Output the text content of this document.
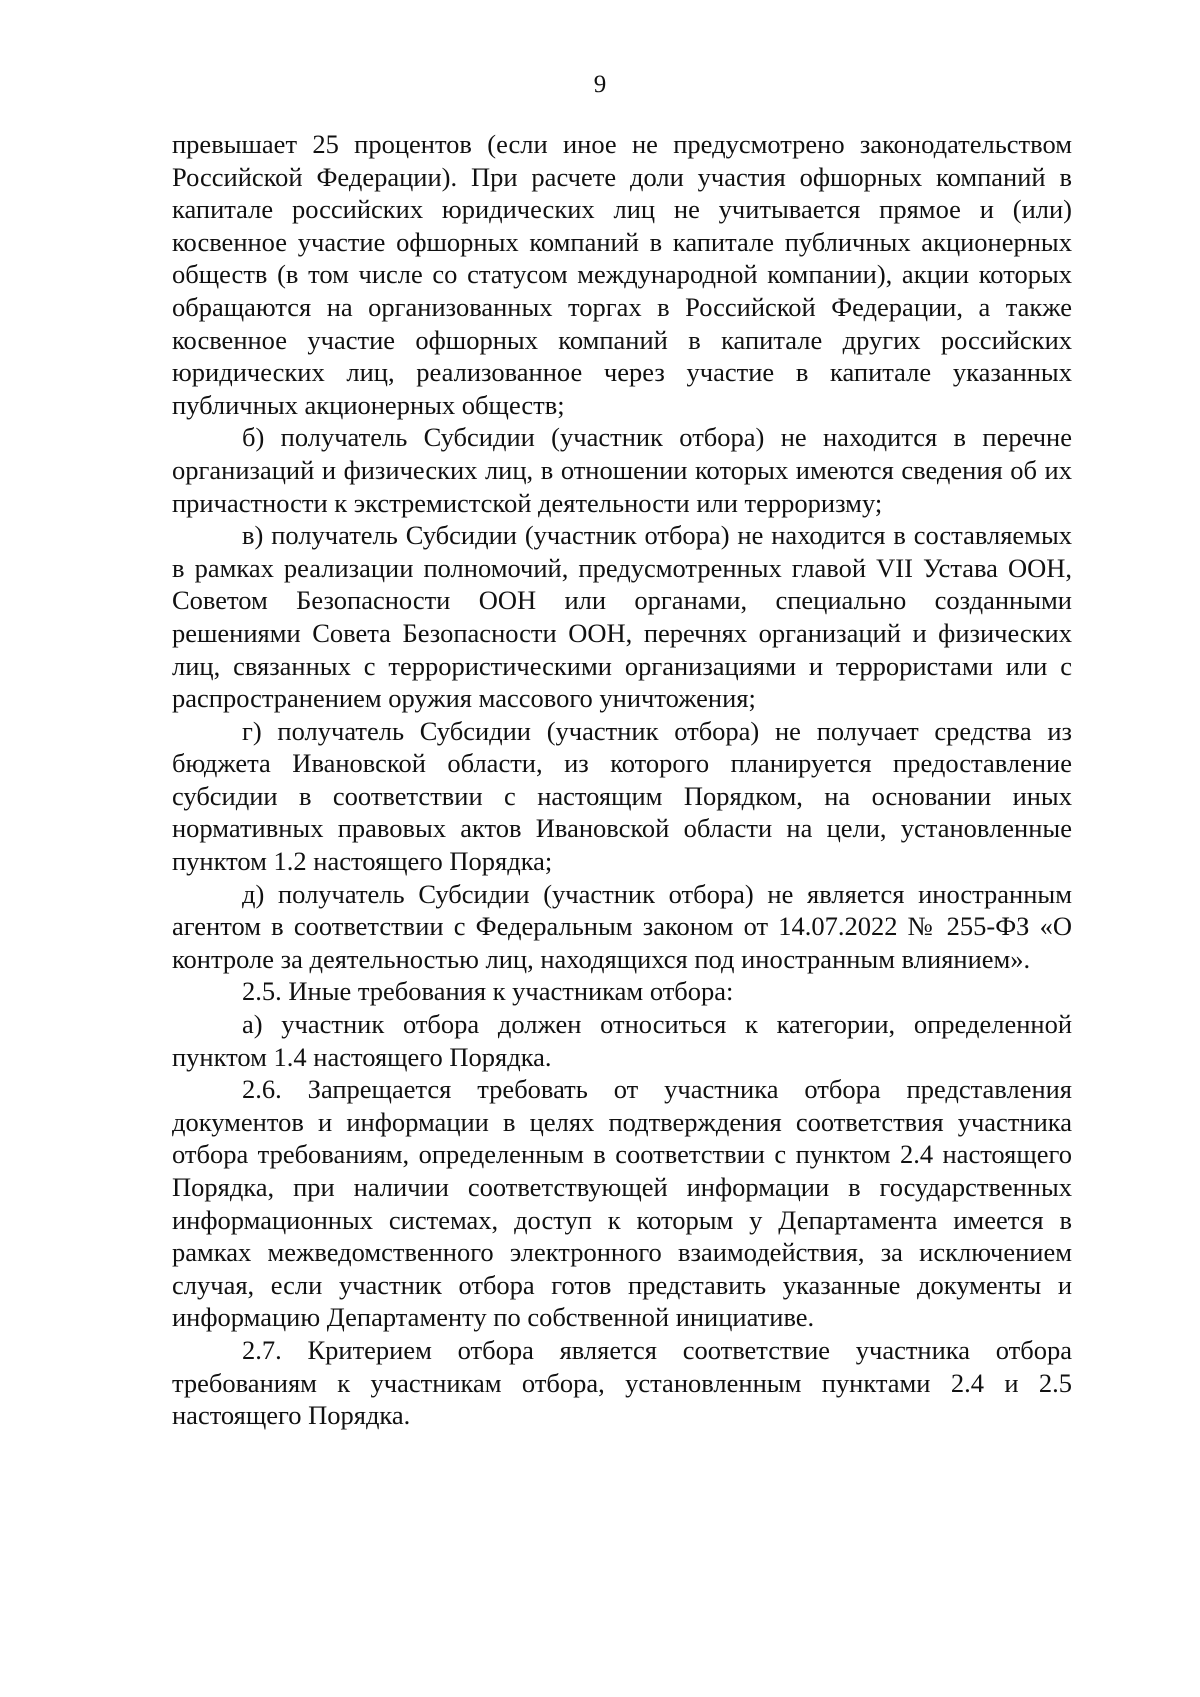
9

превышает 25 процентов (если иное не предусмотрено законодательством Российской Федерации). При расчете доли участия офшорных компаний в капитале российских юридических лиц не учитывается прямое и (или) косвенное участие офшорных компаний в капитале публичных акционерных обществ (в том числе со статусом международной компании), акции которых обращаются на организованных торгах в Российской Федерации, а также косвенное участие офшорных компаний в капитале других российских юридических лиц, реализованное через участие в капитале указанных публичных акционерных обществ;

б) получатель Субсидии (участник отбора) не находится в перечне организаций и физических лиц, в отношении которых имеются сведения об их причастности к экстремистской деятельности или терроризму;

в) получатель Субсидии (участник отбора) не находится в составляемых в рамках реализации полномочий, предусмотренных главой VII Устава ООН, Советом Безопасности ООН или органами, специально созданными решениями Совета Безопасности ООН, перечнях организаций и физических лиц, связанных с террористическими организациями и террористами или с распространением оружия массового уничтожения;

г) получатель Субсидии (участник отбора) не получает средства из бюджета Ивановской области, из которого планируется предоставление субсидии в соответствии с настоящим Порядком, на основании иных нормативных правовых актов Ивановской области на цели, установленные пунктом 1.2 настоящего Порядка;

д) получатель Субсидии (участник отбора) не является иностранным агентом в соответствии с Федеральным законом от 14.07.2022 № 255-ФЗ «О контроле за деятельностью лиц, находящихся под иностранным влиянием».

2.5. Иные требования к участникам отбора:

а) участник отбора должен относиться к категории, определенной пунктом 1.4 настоящего Порядка.

2.6. Запрещается требовать от участника отбора представления документов и информации в целях подтверждения соответствия участника отбора требованиям, определенным в соответствии с пунктом 2.4 настоящего Порядка, при наличии соответствующей информации в государственных информационных системах, доступ к которым у Департамента имеется в рамках межведомственного электронного взаимодействия, за исключением случая, если участник отбора готов представить указанные документы и информацию Департаменту по собственной инициативе.

2.7. Критерием отбора является соответствие участника отбора требованиям к участникам отбора, установленным пунктами 2.4 и 2.5 настоящего Порядка.
